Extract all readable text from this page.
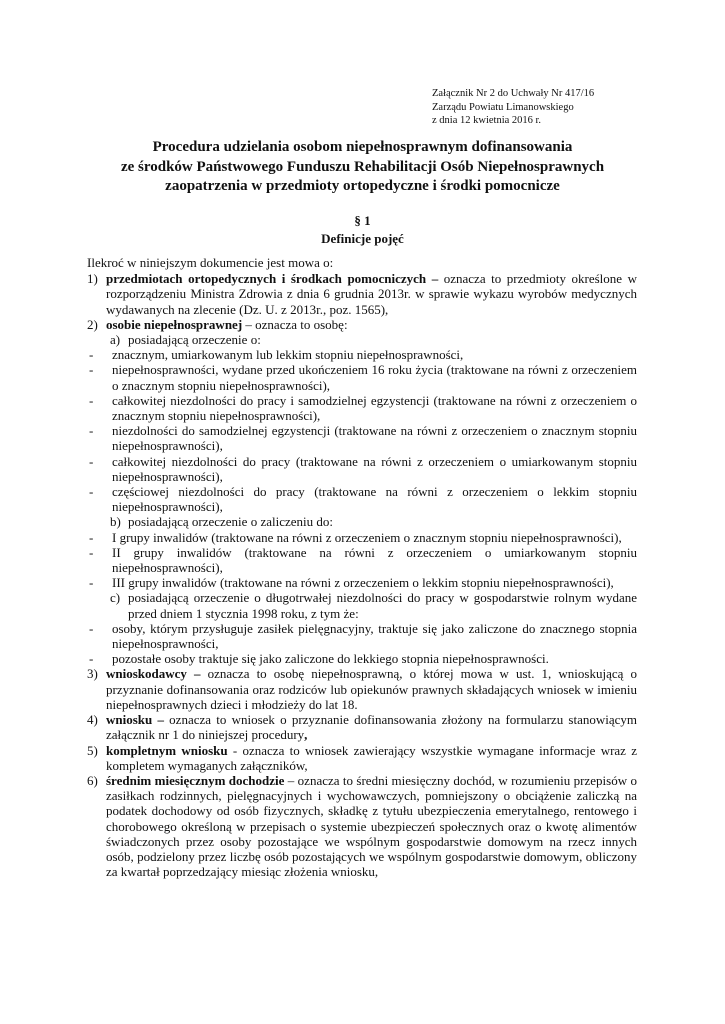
Załącznik Nr 2 do Uchwały Nr 417/16
Zarządu Powiatu Limanowskiego
z dnia 12 kwietnia 2016 r.
Procedura udzielania osobom niepełnosprawnym dofinansowania
ze środków Państwowego Funduszu Rehabilitacji Osób Niepełnosprawnych
zaopatrzenia w przedmioty ortopedyczne i środki pomocnicze
§ 1
Definicje pojęć
Ilekroć w niniejszym dokumencie jest mowa o:
1) przedmiotach ortopedycznych i środkach pomocniczych – oznacza to przedmioty określone w rozporządzeniu Ministra Zdrowia z dnia 6 grudnia 2013r. w sprawie wykazu wyrobów medycznych wydawanych na zlecenie (Dz. U. z 2013r., poz. 1565),
2) osobie niepełnosprawnej – oznacza to osobę:
a) posiadającą orzeczenie o:
-	znacznym, umiarkowanym lub lekkim stopniu niepełnosprawności,
-	niepełnosprawności, wydane przed ukończeniem 16 roku życia (traktowane na równi z orzeczeniem o znacznym stopniu niepełnosprawności),
-	całkowitej niezdolności do pracy i samodzielnej egzystencji (traktowane na równi z orzeczeniem o znacznym stopniu niepełnosprawności),
-	niezdolności do samodzielnej egzystencji (traktowane na równi z orzeczeniem o znacznym stopniu niepełnosprawności),
-	całkowitej niezdolności do pracy (traktowane na równi z orzeczeniem o umiarkowanym stopniu niepełnosprawności),
-	częściowej niezdolności do pracy (traktowane na równi z orzeczeniem o lekkim stopniu niepełnosprawności),
b) posiadającą orzeczenie o zaliczeniu do:
-	I grupy inwalidów (traktowane na równi z orzeczeniem o znacznym stopniu niepełnosprawności),
-	II grupy inwalidów (traktowane na równi z orzeczeniem o umiarkowanym stopniu niepełnosprawności),
-	III grupy inwalidów (traktowane na równi z orzeczeniem o lekkim stopniu niepełnosprawności),
c) posiadającą orzeczenie o długotrwałej niezdolności do pracy w gospodarstwie rolnym wydane przed dniem 1 stycznia 1998 roku, z tym że:
-	osoby, którym przysługuje zasiłek pielęgnacyjny, traktuje się jako zaliczone do znacznego stopnia niepełnosprawności,
-	pozostałe osoby traktuje się jako zaliczone do lekkiego stopnia niepełnosprawności.
3) wnioskodawcy – oznacza to osobę niepełnosprawną, o której mowa w ust. 1, wnioskującą o przyznanie dofinansowania oraz rodziców lub opiekunów prawnych składających wniosek w imieniu niepełnosprawnych dzieci i młodzieży do lat 18.
4) wniosku – oznacza to wniosek o przyznanie dofinansowania złożony na formularzu stanowiącym załącznik nr 1 do niniejszej procedury,
5) kompletnym wniosku - oznacza to wniosek zawierający wszystkie wymagane informacje wraz z kompletem wymaganych załączników,
6) średnim miesięcznym dochodzie – oznacza to średni miesięczny dochód, w rozumieniu przepisów o zasiłkach rodzinnych, pielęgnacyjnych i wychowawczych, pomniejszony o obciążenie zaliczką na podatek dochodowy od osób fizycznych, składkę z tytułu ubezpieczenia emerytalnego, rentowego i chorobowego określoną w przepisach o systemie ubezpieczeń społecznych oraz o kwotę alimentów świadczonych przez osoby pozostające we wspólnym gospodarstwie domowym na rzecz innych osób, podzielony przez liczbę osób pozostających we wspólnym gospodarstwie domowym, obliczony za kwartał poprzedzający miesiąc złożenia wniosku,
